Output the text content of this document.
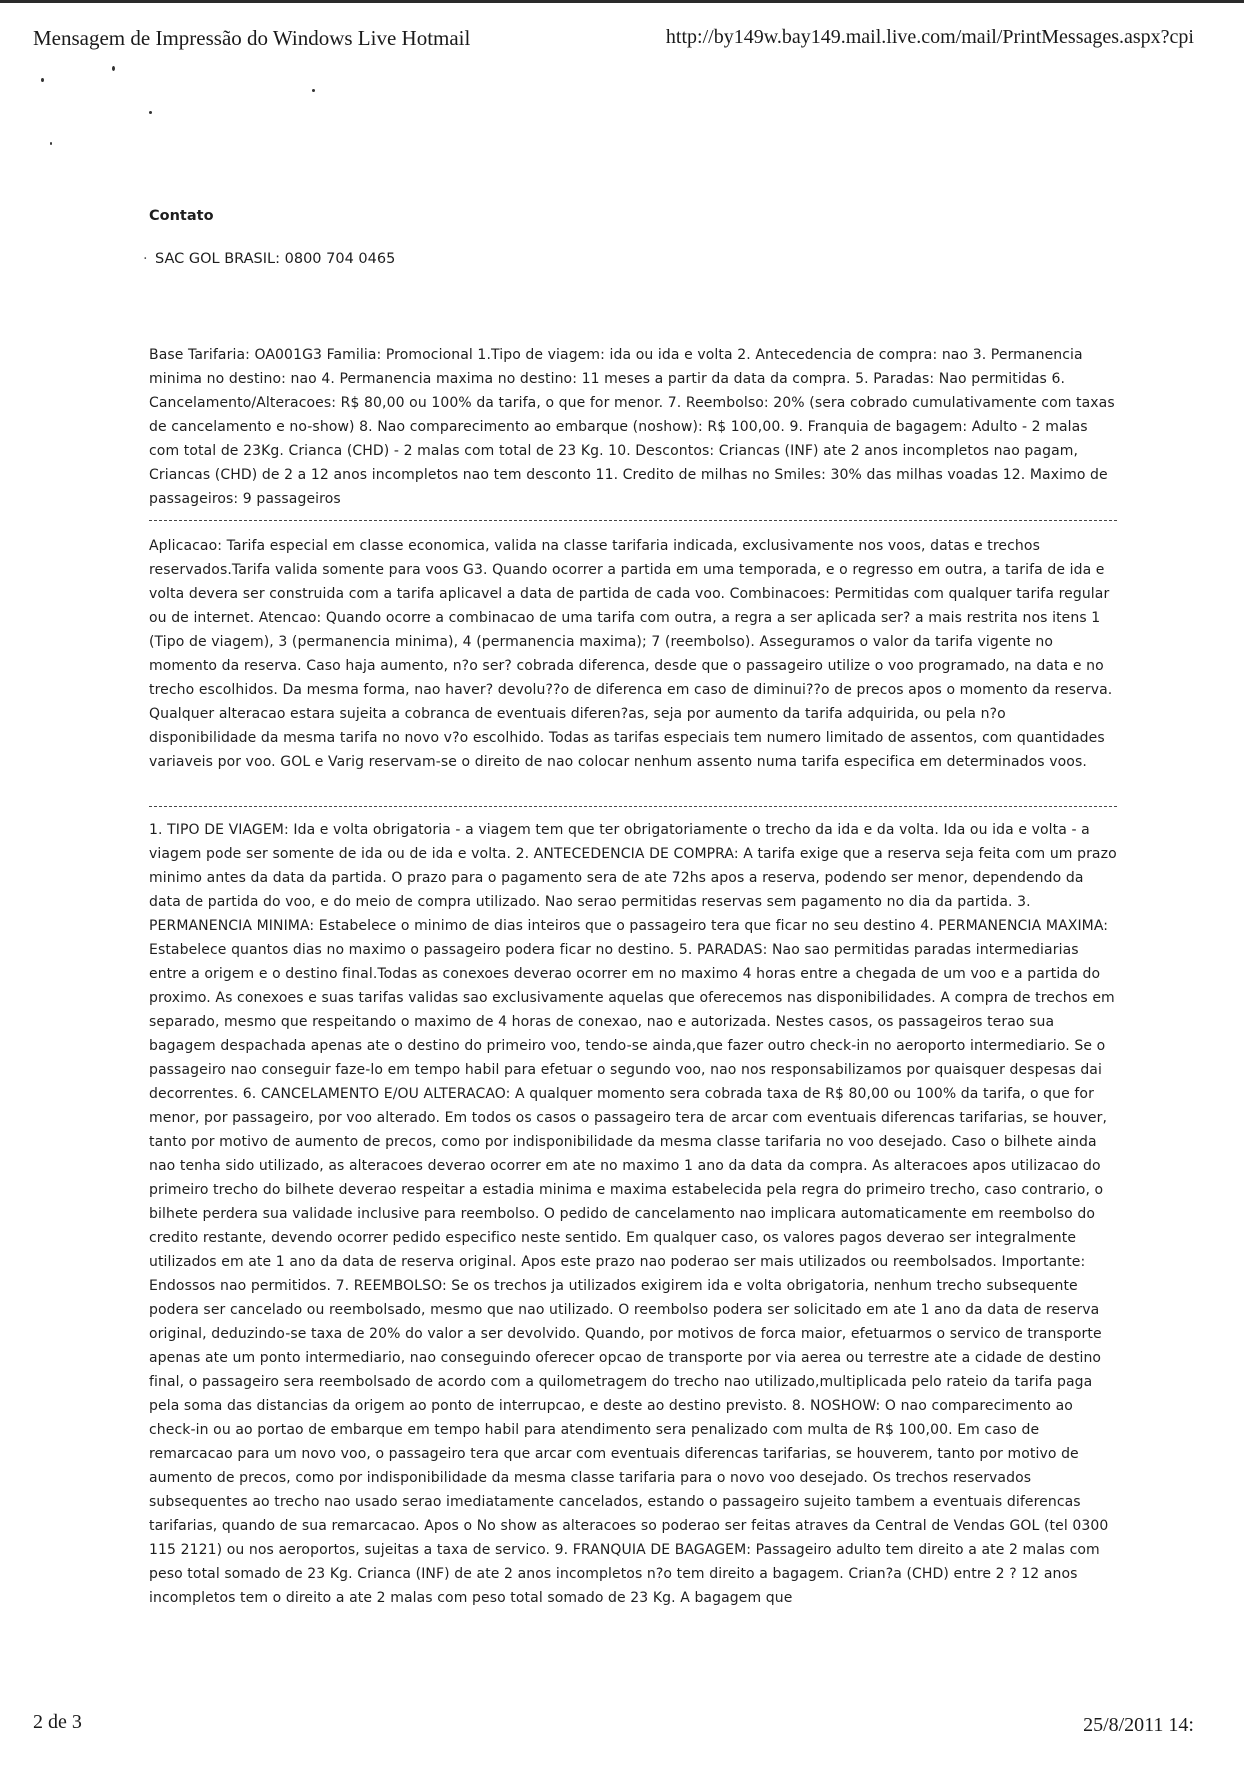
Mensagem de Impressão do Windows Live Hotmail	http://by149w.bay149.mail.live.com/mail/PrintMessages.aspx?cpi
Contato
· SAC GOL BRASIL: 0800 704 0465
Base Tarifaria: OA001G3 Familia: Promocional 1.Tipo de viagem: ida ou ida e volta 2. Antecedencia de compra: nao 3. Permanencia minima no destino: nao 4. Permanencia maxima no destino: 11 meses a partir da data da compra. 5. Paradas: Nao permitidas 6. Cancelamento/Alteracoes: R$ 80,00 ou 100% da tarifa, o que for menor. 7. Reembolso: 20% (sera cobrado cumulativamente com taxas de cancelamento e no-show) 8. Nao comparecimento ao embarque (noshow): R$ 100,00. 9. Franquia de bagagem: Adulto - 2 malas com total de 23Kg. Crianca (CHD) - 2 malas com total de 23 Kg. 10. Descontos: Criancas (INF) ate 2 anos incompletos nao pagam, Criancas (CHD) de 2 a 12 anos incompletos nao tem desconto 11. Credito de milhas no Smiles: 30% das milhas voadas 12. Maximo de passageiros: 9 passageiros
Aplicacao: Tarifa especial em classe economica, valida na classe tarifaria indicada, exclusivamente nos voos, datas e trechos reservados.Tarifa valida somente para voos G3. Quando ocorrer a partida em uma temporada, e o regresso em outra, a tarifa de ida e volta devera ser construida com a tarifa aplicavel a data de partida de cada voo. Combinacoes: Permitidas com qualquer tarifa regular ou de internet. Atencao: Quando ocorre a combinacao de uma tarifa com outra, a regra a ser aplicada ser? a mais restrita nos itens 1 (Tipo de viagem), 3 (permanencia minima), 4 (permanencia maxima); 7 (reembolso). Asseguramos o valor da tarifa vigente no momento da reserva. Caso haja aumento, n?o ser? cobrada diferenca, desde que o passageiro utilize o voo programado, na data e no trecho escolhidos. Da mesma forma, nao haver? devolu??o de diferenca em caso de diminui??o de precos apos o momento da reserva. Qualquer alteracao estara sujeita a cobranca de eventuais diferen?as, seja por aumento da tarifa adquirida, ou pela n?o disponibilidade da mesma tarifa no novo v?o escolhido. Todas as tarifas especiais tem numero limitado de assentos, com quantidades variaveis por voo. GOL e Varig reservam-se o direito de nao colocar nenhum assento numa tarifa especifica em determinados voos.
1. TIPO DE VIAGEM: Ida e volta obrigatoria - a viagem tem que ter obrigatoriamente o trecho da ida e da volta. Ida ou ida e volta - a viagem pode ser somente de ida ou de ida e volta. 2. ANTECEDENCIA DE COMPRA: A tarifa exige que a reserva seja feita com um prazo minimo antes da data da partida. O prazo para o pagamento sera de ate 72hs apos a reserva, podendo ser menor, dependendo da data de partida do voo, e do meio de compra utilizado. Nao serao permitidas reservas sem pagamento no dia da partida. 3. PERMANENCIA MINIMA: Estabelece o minimo de dias inteiros que o passageiro tera que ficar no seu destino 4. PERMANENCIA MAXIMA: Estabelece quantos dias no maximo o passageiro podera ficar no destino. 5. PARADAS: Nao sao permitidas paradas intermediarias entre a origem e o destino final.Todas as conexoes deverao ocorrer em no maximo 4 horas entre a chegada de um voo e a partida do proximo. As conexoes e suas tarifas validas sao exclusivamente aquelas que oferecemos nas disponibilidades. A compra de trechos em separado, mesmo que respeitando o maximo de 4 horas de conexao, nao e autorizada. Nestes casos, os passageiros terao sua bagagem despachada apenas ate o destino do primeiro voo, tendo-se ainda,que fazer outro check-in no aeroporto intermediario. Se o passageiro nao conseguir faze-lo em tempo habil para efetuar o segundo voo, nao nos responsabilizamos por quaisquer despesas dai decorrentes. 6. CANCELAMENTO E/OU ALTERACAO: A qualquer momento sera cobrada taxa de R$ 80,00 ou 100% da tarifa, o que for menor, por passageiro, por voo alterado. Em todos os casos o passageiro tera de arcar com eventuais diferencas tarifarias, se houver, tanto por motivo de aumento de precos, como por indisponibilidade da mesma classe tarifaria no voo desejado. Caso o bilhete ainda nao tenha sido utilizado, as alteracoes deverao ocorrer em ate no maximo 1 ano da data da compra. As alteracoes apos utilizacao do primeiro trecho do bilhete deverao respeitar a estadia minima e maxima estabelecida pela regra do primeiro trecho, caso contrario, o bilhete perdera sua validade inclusive para reembolso. O pedido de cancelamento nao implicara automaticamente em reembolso do credito restante, devendo ocorrer pedido especifico neste sentido. Em qualquer caso, os valores pagos deverao ser integralmente utilizados em ate 1 ano da data de reserva original. Apos este prazo nao poderao ser mais utilizados ou reembolsados. Importante: Endossos nao permitidos. 7. REEMBOLSO: Se os trechos ja utilizados exigirem ida e volta obrigatoria, nenhum trecho subsequente podera ser cancelado ou reembolsado, mesmo que nao utilizado. O reembolso podera ser solicitado em ate 1 ano da data de reserva original, deduzindo-se taxa de 20% do valor a ser devolvido. Quando, por motivos de forca maior, efetuarmos o servico de transporte apenas ate um ponto intermediario, nao conseguindo oferecer opcao de transporte por via aerea ou terrestre ate a cidade de destino final, o passageiro sera reembolsado de acordo com a quilometragem do trecho nao utilizado,multiplicada pelo rateio da tarifa paga pela soma das distancias da origem ao ponto de interrupcao, e deste ao destino previsto. 8. NOSHOW: O nao comparecimento ao check-in ou ao portao de embarque em tempo habil para atendimento sera penalizado com multa de R$ 100,00. Em caso de remarcacao para um novo voo, o passageiro tera que arcar com eventuais diferencas tarifarias, se houverem, tanto por motivo de aumento de precos, como por indisponibilidade da mesma classe tarifaria para o novo voo desejado. Os trechos reservados subsequentes ao trecho nao usado serao imediatamente cancelados, estando o passageiro sujeito tambem a eventuais diferencas tarifarias, quando de sua remarcacao. Apos o No show as alteracoes so poderao ser feitas atraves da Central de Vendas GOL (tel 0300 115 2121) ou nos aeroportos, sujeitas a taxa de servico. 9. FRANQUIA DE BAGAGEM: Passageiro adulto tem direito a ate 2 malas com peso total somado de 23 Kg. Crianca (INF) de ate 2 anos incompletos n?o tem direito a bagagem. Crian?a (CHD) entre 2 ? 12 anos incompletos tem o direito a ate 2 malas com peso total somado de 23 Kg. A bagagem que
2 de 3	25/8/2011 14:
